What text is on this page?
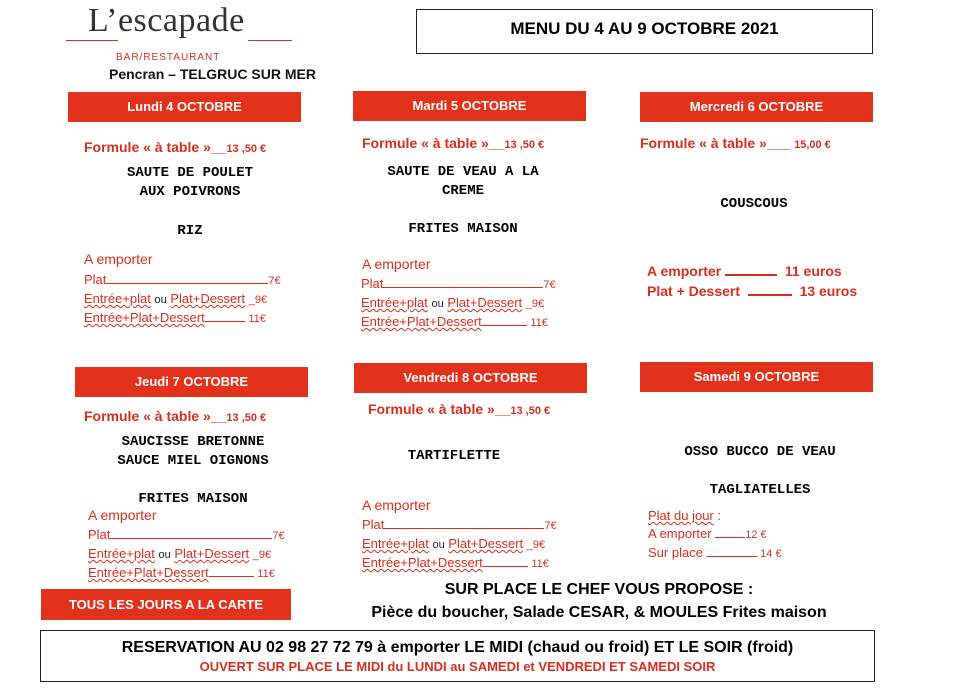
L’escapade
BAR/RESTAURANT
Pencran – TELGRUC SUR MER
MENU DU 4 AU 9 OCTOBRE 2021
Lundi 4 OCTOBRE
Formule « à table »__13 ,50 €
SAUTE DE POULET
AUX POIVRONS
RIZ
A emporter
Plat	7€
Entrée+plat ou Plat+Dessert _9€
Entrée+Plat+Dessert	11€
Mardi 5 OCTOBRE
Formule « à table »__13 ,50 €
SAUTE DE VEAU A LA
CREME
FRITES MAISON
A emporter
Plat	7€
Entrée+plat ou Plat+Dessert _9€
Entrée+Plat+Dessert	11€
Mercredi 6 OCTOBRE
Formule « à table »___ 15,00 €
COUSCOUS
A emporter	11 euros
Plat + Dessert	13 euros
Jeudi 7 OCTOBRE
Formule « à table »__13 ,50 €
SAUCISSE BRETONNE
SAUCE MIEL OIGNONS
FRITES MAISON
A emporter
Plat	7€
Entrée+plat ou Plat+Dessert _9€
Entrée+Plat+Dessert	11€
Vendredi 8 OCTOBRE
Formule « à table »__13 ,50 €
TARTIFLETTE
A emporter
Plat	7€
Entrée+plat ou Plat+Dessert _9€
Entrée+Plat+Dessert	11€
Samedi 9 OCTOBRE
OSSO BUCCO DE VEAU
TAGLIATELLES
Plat du jour :
A emporter	12 €
Sur place	14 €
TOUS LES JOURS A LA CARTE
SUR PLACE LE CHEF VOUS PROPOSE :
Pièce du boucher, Salade CESAR, & MOULES Frites maison
RESERVATION AU 02 98 27 72 79 à emporter LE MIDI (chaud ou froid) ET LE SOIR (froid)
OUVERT SUR PLACE LE MIDI du LUNDI au SAMEDI et VENDREDI ET SAMEDI SOIR
